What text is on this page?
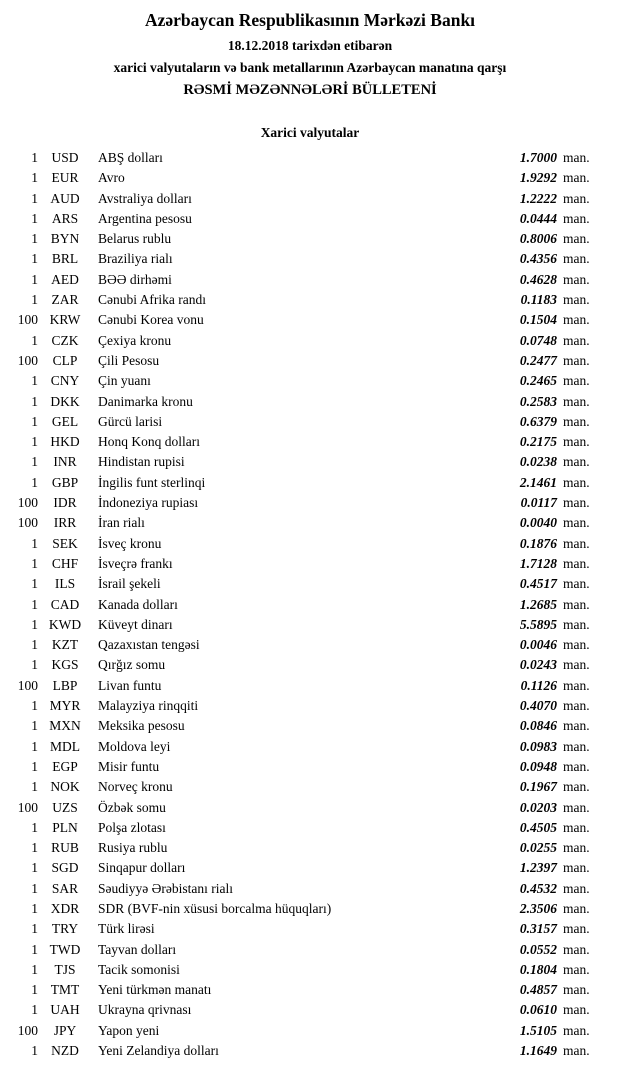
Azərbaycan Respublikasının Mərkəzi Bankı
18.12.2018 tarixdən etibarən
xarici valyutaların və bank metallarının Azərbaycan manatına qarşı
RƏSMİ MƏZƏNNƏLƏRİ BÜLLETENİ
Xarici valyutalar
1 USD	ABŞ dolları	1.7000 man.
1	EUR	Avro	1.9292 man.
1 AUD	Avstraliya dolları	1.2222 man.
1	ARS	Argentina pesosu	0.0444 man.
1 BYN	Belarus rublu	0.8006 man.
1	BRL	Braziliya rialı	0.4356 man.
1 AED	BƏƏ dirhəmi	0.4628 man.
1	ZAR	Cənubi Afrika randı	0.1183 man.
100 KRW	Cənubi Korea vonu	0.1504 man.
1	CZK	Çexiya kronu	0.0748 man.
100	CLP	Çili Pesosu	0.2477 man.
1 CNY	Çin yuanı	0.2465 man.
1 DKK	Danimarka kronu	0.2583 man.
1	GEL	Gürcü larisi	0.6379 man.
1 HKD	Honq Konq dolları	0.2175 man.
1	INR	Hindistan rupisi	0.0238 man.
1	GBP	İngilis funt sterlinqi	2.1461 man.
100	IDR	İndoneziya rupiası	0.0117 man.
100	IRR	İran rialı	0.0040 man.
1	SEK	İsveç kronu	0.1876 man.
1	CHF	İsveçrə frankı	1.7128 man.
1	ILS	İsrail şekeli	0.4517 man.
1 CAD	Kanada dolları	1.2685 man.
1 KWD	Küveyt dinarı	5.5895 man.
1	KZT	Qazaxıstan tengəsi	0.0046 man.
1 KGS	Qırğız somu	0.0243 man.
100	LBP	Livan funtu	0.1126 man.
1 MYR	Malayziya rinqqiti	0.4070 man.
1 MXN	Meksika pesosu	0.0846 man.
1 MDL	Moldova leyi	0.0983 man.
1	EGP	Misir funtu	0.0948 man.
1 NOK	Norveç kronu	0.1967 man.
100	UZS	Özbək somu	0.0203 man.
1	PLN	Polşa zlotası	0.4505 man.
1 RUB	Rusiya rublu	0.0255 man.
1 SGD	Sinqapur dolları	1.2397 man.
1	SAR	Səudiyyə Ərəbistanı rialı	0.4532 man.
1 XDR	SDR (BVF-nin xüsusi borcalma hüquqları)	2.3506 man.
1	TRY	Türk lirəsi	0.3157 man.
1 TWD	Tayvan dolları	0.0552 man.
1	TJS	Tacik somonisi	0.1804 man.
1 TMT	Yeni türkmən manatı	0.4857 man.
1 UAH	Ukrayna qrivnası	0.0610 man.
100	JPY	Yapon yeni	1.5105 man.
1 NZD	Yeni Zelandiya dolları	1.1649 man.
